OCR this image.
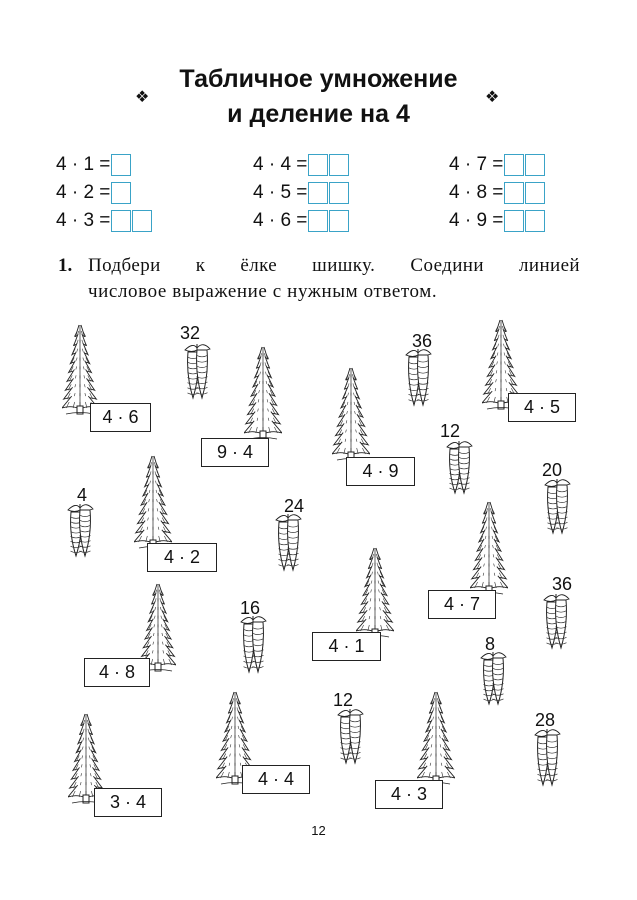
❖
Табличное умножение
и деление на 4
❖
4 · 1 =
4 · 2 =
4 · 3 =
4 · 4 =
4 · 5 =
4 · 6 =
4 · 7 =
4 · 8 =
4 · 9 =
1. Подбери к ёлке шишку. Соедини линией
числовое выражение с нужным ответом.
4 · 6
9 · 4
4 · 9
4 · 5
4 · 2
4 · 7
4 · 1
4 · 8
4 · 4
4 · 3
3 · 4
32	36
12
20
4
24
36
16
8
12
28
12
